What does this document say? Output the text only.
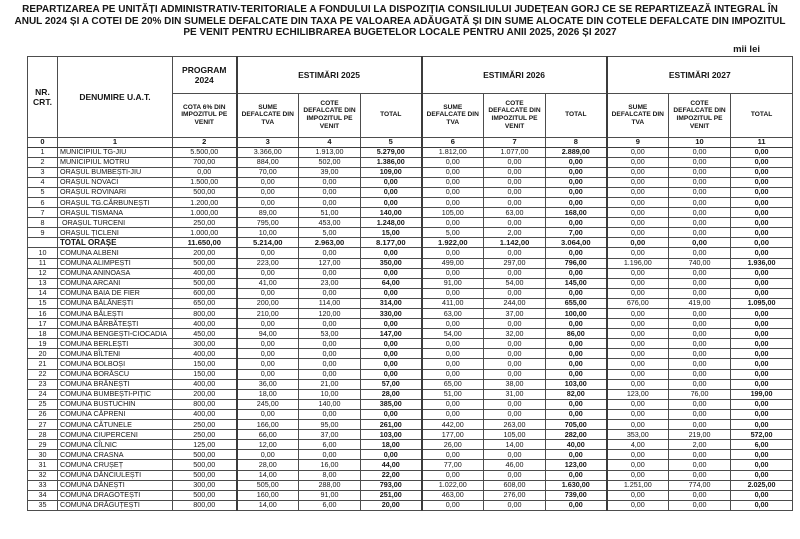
REPARTIZAREA PE UNITĂȚI ADMINISTRATIV-TERITORIALE A FONDULUI LA DISPOZIȚIA CONSILIULUI JUDEȚEAN GORJ CE SE REPARTIZEAZĂ INTEGRAL ÎN ANUL 2024 ȘI A COTEI DE 20% DIN SUMELE DEFALCATE DIN TAXA PE VALOAREA ADĂUGATĂ ȘI DIN SUME ALOCATE DIN COTELE DEFALCATE DIN IMPOZITUL PE VENIT PENTRU ECHILIBRAREA BUGETELOR LOCALE PENTRU ANII 2025, 2026 ȘI 2027
mii lei
NR. CRT.	DENUMIRE U.A.T.	PROGRAM 2024	ESTIMĂRI 2025			ESTIMĂRI 2026			ESTIMĂRI 2027		
		COTA 6% DIN IMPOZITUL PE VENIT	SUME DEFALCATE DIN TVA	COTE DEFALCATE DIN IMPOZITUL PE VENIT	TOTAL	SUME DEFALCATE DIN TVA	COTE DEFALCATE DIN IMPOZITUL PE VENIT	TOTAL	SUME DEFALCATE DIN TVA	COTE DEFALCATE DIN IMPOZITUL PE VENIT	TOTAL
0	1	2	3	4	5	6	7	8	9	10	11
1	MUNICIPIUL TG-JIU	5.500,00	3.366,00	1.913,00	5.279,00	1.812,00	1.077,00	2.889,00	0,00	0,00	0,00
2	MUNICIPIUL MOTRU	700,00	884,00	502,00	1.386,00	0,00	0,00	0,00	0,00	0,00	0,00
3	ORAȘUL BUMBEȘTI-JIU	0,00	70,00	39,00	109,00	0,00	0,00	0,00	0,00	0,00	0,00
4	ORAȘUL NOVACI	1.500,00	0,00	0,00	0,00	0,00	0,00	0,00	0,00	0,00	0,00
5	ORAȘUL ROVINARI	500,00	0,00	0,00	0,00	0,00	0,00	0,00	0,00	0,00	0,00
6	ORAȘUL TG.CĂRBUNEȘTI	1.200,00	0,00	0,00	0,00	0,00	0,00	0,00	0,00	0,00	0,00
7	ORAȘUL TISMANA	1.000,00	89,00	51,00	140,00	105,00	63,00	168,00	0,00	0,00	0,00
8	ORAȘUL TURCENI	250,00	795,00	453,00	1.248,00	0,00	0,00	0,00	0,00	0,00	0,00
9	ORAȘUL ȚICLENI	1.000,00	10,00	5,00	15,00	5,00	2,00	7,00	0,00	0,00	0,00
	TOTAL ORAȘE	11.650,00	5.214,00	2.963,00	8.177,00	1.922,00	1.142,00	3.064,00	0,00	0,00	0,00
10	COMUNA ALBENI	200,00	0,00	0,00	0,00	0,00	0,00	0,00	0,00	0,00	0,00
11	COMUNA ALIMPEȘTI	500,00	223,00	127,00	350,00	499,00	297,00	796,00	1.196,00	740,00	1.936,00
12	COMUNA ANINOASA	400,00	0,00	0,00	0,00	0,00	0,00	0,00	0,00	0,00	0,00
13	COMUNA ARCANI	500,00	41,00	23,00	64,00	91,00	54,00	145,00	0,00	0,00	0,00
14	COMUNA BAIA DE FIER	600,00	0,00	0,00	0,00	0,00	0,00	0,00	0,00	0,00	0,00
15	COMUNA BĂLĂNEȘTI	650,00	200,00	114,00	314,00	411,00	244,00	655,00	676,00	419,00	1.095,00
16	COMUNA BĂLEȘTI	800,00	210,00	120,00	330,00	63,00	37,00	100,00	0,00	0,00	0,00
17	COMUNA BĂRBĂTEȘTI	400,00	0,00	0,00	0,00	0,00	0,00	0,00	0,00	0,00	0,00
18	COMUNA BENGEȘTI-CIOCADIA	450,00	94,00	53,00	147,00	54,00	32,00	86,00	0,00	0,00	0,00
19	COMUNA BERLEȘTI	300,00	0,00	0,00	0,00	0,00	0,00	0,00	0,00	0,00	0,00
20	COMUNA BÎLTENI	400,00	0,00	0,00	0,00	0,00	0,00	0,00	0,00	0,00	0,00
21	COMUNA BOLBOȘI	150,00	0,00	0,00	0,00	0,00	0,00	0,00	0,00	0,00	0,00
22	COMUNA BORĂSCU	150,00	0,00	0,00	0,00	0,00	0,00	0,00	0,00	0,00	0,00
23	COMUNA BRĂNEȘTI	400,00	36,00	21,00	57,00	65,00	38,00	103,00	0,00	0,00	0,00
24	COMUNA BUMBEȘTI-PIȚIC	200,00	18,00	10,00	28,00	51,00	31,00	82,00	123,00	76,00	199,00
25	COMUNA BUSTUCHIN	800,00	245,00	140,00	385,00	0,00	0,00	0,00	0,00	0,00	0,00
26	COMUNA CĂPRENI	400,00	0,00	0,00	0,00	0,00	0,00	0,00	0,00	0,00	0,00
27	COMUNA CĂTUNELE	250,00	166,00	95,00	261,00	442,00	263,00	705,00	0,00	0,00	0,00
28	COMUNA CIUPERCENI	250,00	66,00	37,00	103,00	177,00	105,00	282,00	353,00	219,00	572,00
29	COMUNA CÎLNIC	125,00	12,00	6,00	18,00	26,00	14,00	40,00	4,00	2,00	6,00
30	COMUNA CRASNA	500,00	0,00	0,00	0,00	0,00	0,00	0,00	0,00	0,00	0,00
31	COMUNA CRUȘEȚ	500,00	28,00	16,00	44,00	77,00	46,00	123,00	0,00	0,00	0,00
32	COMUNA DĂNCIULEȘTI	500,00	14,00	8,00	22,00	0,00	0,00	0,00	0,00	0,00	0,00
33	COMUNA DĂNEȘTI	300,00	505,00	288,00	793,00	1.022,00	608,00	1.630,00	1.251,00	774,00	2.025,00
34	COMUNA DRAGOTEȘTI	500,00	160,00	91,00	251,00	463,00	276,00	739,00	0,00	0,00	0,00
35	COMUNA DRĂGUȚEȘTI	800,00	14,00	6,00	20,00	0,00	0,00	0,00	0,00	0,00	0,00
